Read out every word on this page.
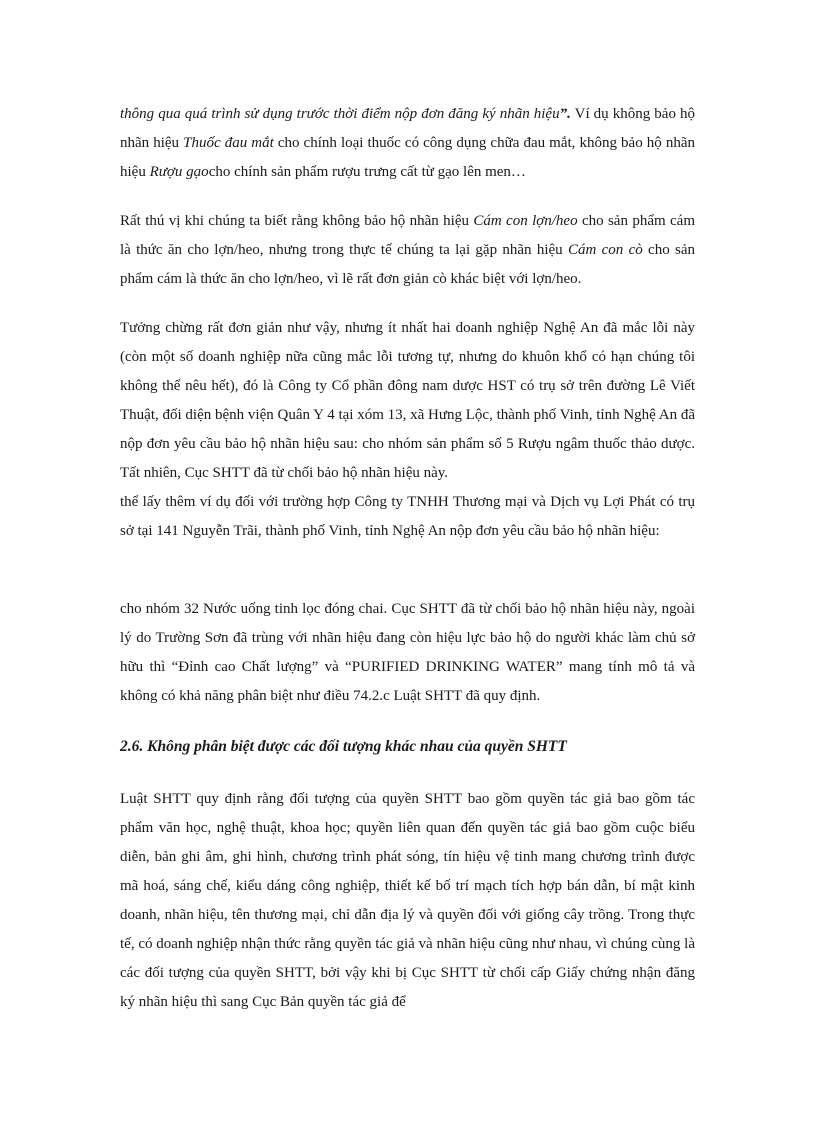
thông qua quá trình sử dụng trước thời điểm nộp đơn đăng ký nhãn hiệu”. Ví dụ không bảo hộ nhãn hiệu Thuốc đau mắt cho chính loại thuốc có công dụng chữa đau mắt, không bảo hộ nhãn hiệu Rượu gạocho chính sản phẩm rượu trưng cất từ gạo lên men…

Rất thú vị khi chúng ta biết rằng không bảo hộ nhãn hiệu Cám con lợn/heo cho sản phẩm cám là thức ăn cho lợn/heo, nhưng trong thực tế chúng ta lại gặp nhãn hiệu Cám con cò cho sản phẩm cám là thức ăn cho lợn/heo, vì lẽ rất đơn giản cò khác biệt với lợn/heo.

Tưởng chừng rất đơn giản như vậy, nhưng ít nhất hai doanh nghiệp Nghệ An đã mắc lỗi này (còn một số doanh nghiệp nữa cũng mắc lỗi tương tự, nhưng do khuôn khổ có hạn chúng tôi không thể nêu hết), đó là Công ty Cổ phần đông nam dược HST có trụ sở trên đường Lê Viết Thuật, đối diện bệnh viện Quân Y 4 tại xóm 13, xã Hưng Lộc, thành phố Vinh, tỉnh Nghệ An đã nộp đơn yêu cầu bảo hộ nhãn hiệu sau: cho nhóm sản phẩm số 5 Rượu ngâm thuốc thảo dược. Tất nhiên, Cục SHTT đã từ chối bảo hộ nhãn hiệu này.

thể lấy thêm ví dụ đối với trường hợp Công ty TNHH Thương mại và Dịch vụ Lợi Phát có trụ sở tại 141 Nguyễn Trãi, thành phố Vinh, tỉnh Nghệ An nộp đơn yêu cầu bảo hộ nhãn hiệu:

cho nhóm 32 Nước uống tinh lọc đóng chai. Cục SHTT đã từ chối bảo hộ nhãn hiệu này, ngoài lý do Trường Sơn đã trùng với nhãn hiệu đang còn hiệu lực bảo hộ do người khác làm chủ sở hữu thì “Đỉnh cao Chất lượng” và “PURIFIED DRINKING WATER” mang tính mô tả và không có khả năng phân biệt như điều 74.2.c Luật SHTT đã quy định.

2.6. Không phân biệt được các đối tượng khác nhau của quyền SHTT

Luật SHTT quy định rằng đối tượng của quyền SHTT bao gồm quyền tác giả bao gồm tác phẩm văn học, nghệ thuật, khoa học; quyền liên quan đến quyền tác giả bao gồm cuộc biểu diễn, bản ghi âm, ghi hình, chương trình phát sóng, tín hiệu vệ tinh mang chương trình được mã hoá, sáng chế, kiểu dáng công nghiệp, thiết kế bố trí mạch tích hợp bán dẫn, bí mật kinh doanh, nhãn hiệu, tên thương mại, chỉ dẫn địa lý và quyền đối với giống cây trồng. Trong thực tế, có doanh nghiệp nhận thức rằng quyền tác giả và nhãn hiệu cũng như nhau, vì chúng cùng là các đối tượng của quyền SHTT, bởi vậy khi bị Cục SHTT từ chối cấp Giấy chứng nhận đăng ký nhãn hiệu thì sang Cục Bản quyền tác giả để
